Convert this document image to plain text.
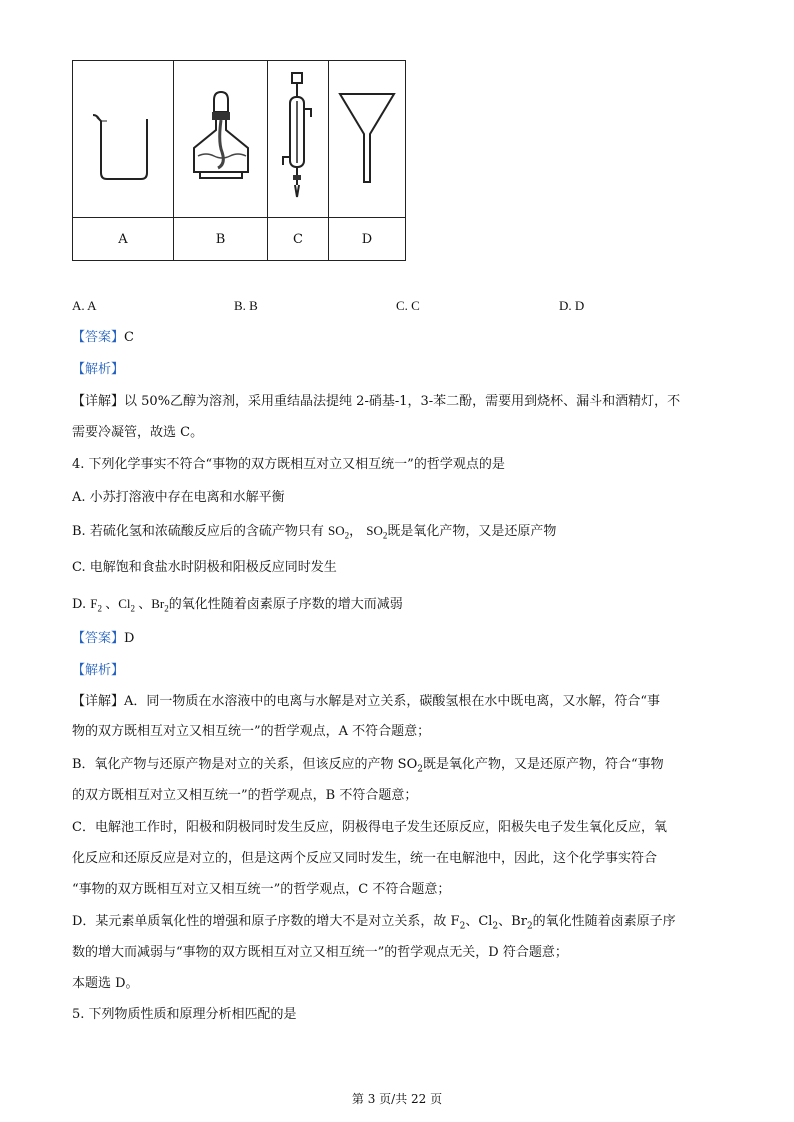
A	B	C	D
A. A	B. B	C. C	D. D
【答案】C
【解析】
【详解】以 50%乙醇为溶剂，采用重结晶法提纯 2-硝基-1，3-苯二酚，需要用到烧杯、漏斗和酒精灯，不
需要冷凝管，故选 C。
4. 下列化学事实不符合“事物的双方既相互对立又相互统一”的哲学观点的是
A. 小苏打溶液中存在电离和水解平衡
B. 若硫化氢和浓硫酸反应后的含硫产物只有 $SO_2$， $SO_2$既是氧化产物，又是还原产物
C. 电解饱和食盐水时阴极和阳极反应同时发生
D. $F_2$ 、$Cl_2$ 、$Br_2$的氧化性随着卤素原子序数的增大而减弱
【答案】D
【解析】
【详解】A．同一物质在水溶液中的电离与水解是对立关系，碳酸氢根在水中既电离，又水解，符合“事
物的双方既相互对立又相互统一”的哲学观点，A 不符合题意；
B．氧化产物与还原产物是对立的关系，但该反应的产物 $SO_2$既是氧化产物，又是还原产物，符合“事物
的双方既相互对立又相互统一”的哲学观点，B 不符合题意；
C．电解池工作时，阳极和阴极同时发生反应，阴极得电子发生还原反应，阳极失电子发生氧化反应，氧
化反应和还原反应是对立的，但是这两个反应又同时发生，统一在电解池中，因此，这个化学事实符合
“事物的双方既相互对立又相互统一”的哲学观点，C 不符合题意；
D．某元素单质氧化性的增强和原子序数的增大不是对立关系，故 $F_2$、$Cl_2$、$Br_2$的氧化性随着卤素原子序
数的增大而减弱与“事物的双方既相互对立又相互统一”的哲学观点无关，D 符合题意；
本题选 D。
5. 下列物质性质和原理分析相匹配的是
第 3 页/共 22 页
